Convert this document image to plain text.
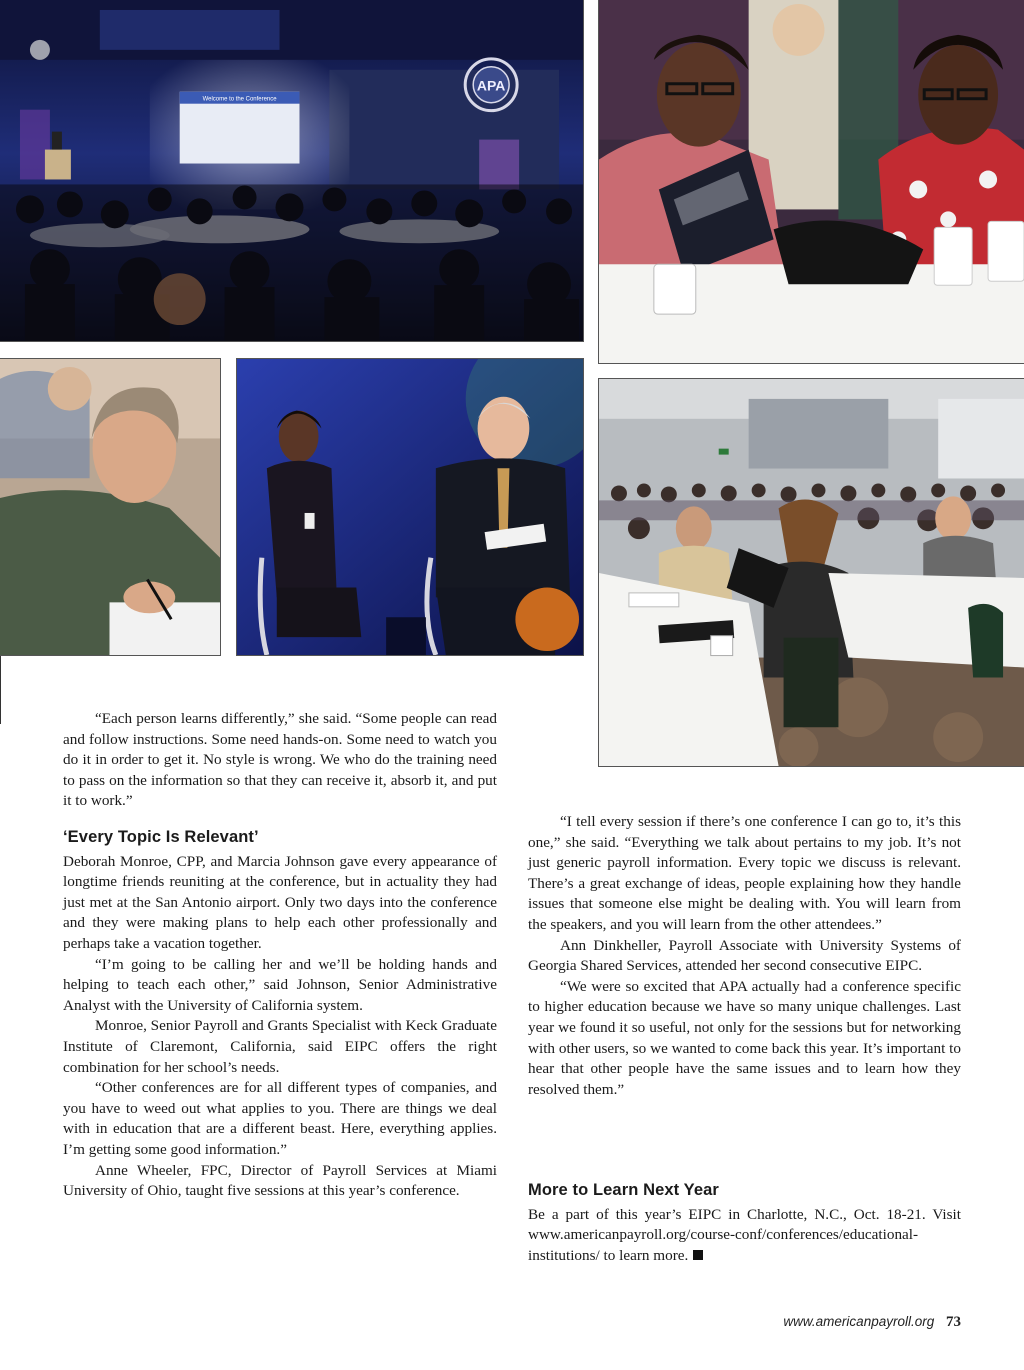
Welcome to the Conference
APA

“Each person learns differently,” she said. “Some people can read and follow instructions. Some need hands-on. Some need to watch you do it in order to get it. No style is wrong. We who do the training need to pass on the information so that they can receive it, absorb it, and put it to work.”

‘Every Topic Is Relevant’

Deborah Monroe, CPP, and Marcia Johnson gave every appearance of longtime friends reuniting at the conference, but in actuality they had just met at the San Antonio airport. Only two days into the conference and they were making plans to help each other professionally and perhaps take a vacation together.

“I’m going to be calling her and we’ll be holding hands and helping to teach each other,” said Johnson, Senior Administrative Analyst with the University of California system.

Monroe, Senior Payroll and Grants Specialist with Keck Graduate Institute of Claremont, California, said EIPC offers the right combination for her school’s needs.

“Other conferences are for all different types of companies, and you have to weed out what applies to you. There are things we deal with in education that are a different beast. Here, everything applies. I’m getting some good information.”

Anne Wheeler, FPC, Director of Payroll Services at Miami University of Ohio, taught five sessions at this year’s conference.

“I tell every session if there’s one conference I can go to, it’s this one,” she said. “Everything we talk about pertains to my job. It’s not just generic payroll information. Every topic we discuss is relevant. There’s a great exchange of ideas, people explaining how they handle issues that someone else might be dealing with. You will learn from the speakers, and you will learn from the other attendees.”

Ann Dinkheller, Payroll Associate with University Systems of Georgia Shared Services, attended her second consecutive EIPC.

“We were so excited that APA actually had a conference specific to higher education because we have so many unique challenges. Last year we found it so useful, not only for the sessions but for networking with other users, so we wanted to come back this year. It’s important to hear that other people have the same issues and to learn how they resolved them.”

More to Learn Next Year

Be a part of this year’s EIPC in Charlotte, N.C., Oct. 18-21. Visit www.americanpayroll.org/course-conf/conferences/educational-institutions/ to learn more.

www.americanpayroll.org 73
